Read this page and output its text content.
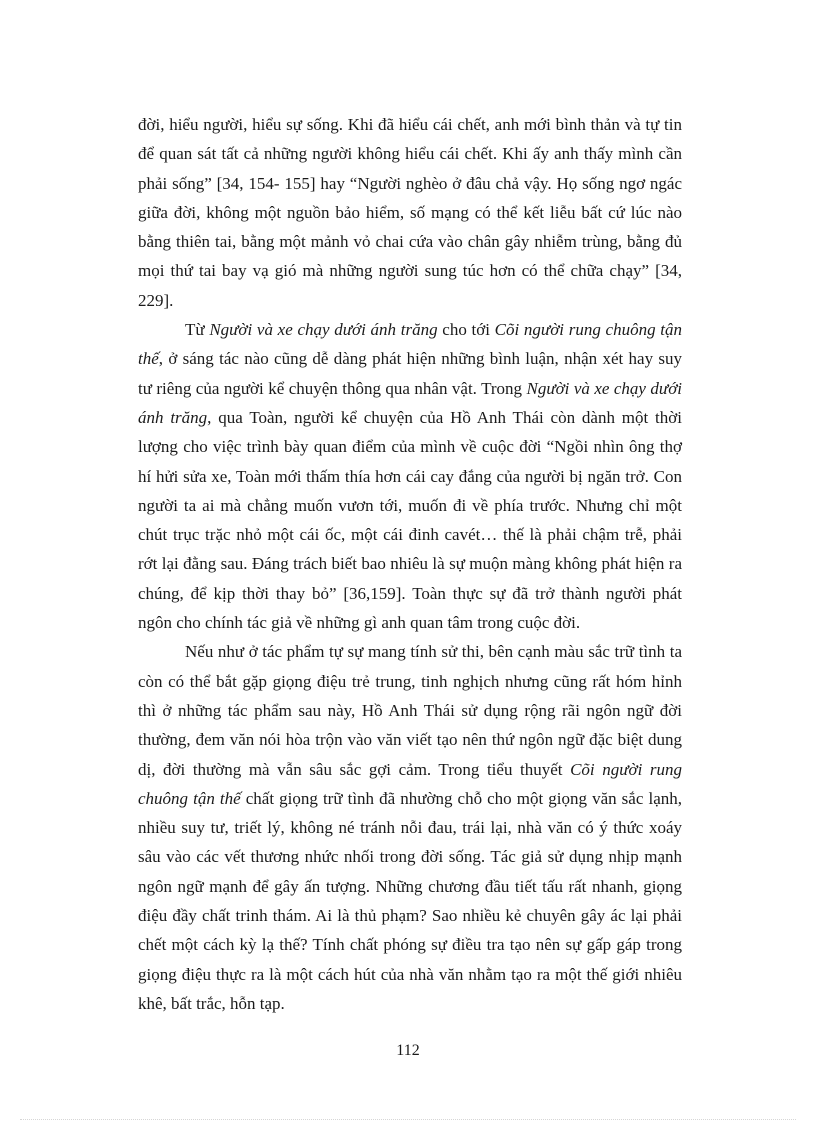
đời, hiểu người, hiểu sự sống. Khi đã hiểu cái chết, anh mới bình thản và tự tin để quan sát tất cả những người không hiểu cái chết. Khi ấy anh thấy mình cần phải sống” [34, 154- 155] hay “Người nghèo ở đâu chả vậy. Họ sống ngơ ngác giữa đời, không một nguồn bảo hiểm, số mạng có thể kết liễu bất cứ lúc nào bằng thiên tai, bằng một mảnh vỏ chai cứa vào chân gây nhiễm trùng, bằng đủ mọi thứ tai bay vạ gió mà những người sung túc hơn có thể chữa chạy” [34, 229].

Từ Người và xe chạy dưới ánh trăng cho tới Cõi người rung chuông tận thế, ở sáng tác nào cũng dễ dàng phát hiện những bình luận, nhận xét hay suy tư riêng của người kể chuyện thông qua nhân vật. Trong Người và xe chạy dưới ánh trăng, qua Toàn, người kể chuyện của Hồ Anh Thái còn dành một thời lượng cho việc trình bày quan điểm của mình về cuộc đời “Ngồi nhìn ông thợ hí hửi sửa xe, Toàn mới thấm thía hơn cái cay đắng của người bị ngăn trở. Con người ta ai mà chẳng muốn vươn tới, muốn đi về phía trước. Nhưng chỉ một chút trục trặc nhỏ một cái ốc, một cái đinh cavét… thế là phải chậm trễ, phải rớt lại đằng sau. Đáng trách biết bao nhiêu là sự muộn màng không phát hiện ra chúng, để kịp thời thay bỏ” [36,159]. Toàn thực sự đã trở thành người phát ngôn cho chính tác giả về những gì anh quan tâm trong cuộc đời.

Nếu như ở tác phẩm tự sự mang tính sử thi, bên cạnh màu sắc trữ tình ta còn có thể bắt gặp giọng điệu trẻ trung, tinh nghịch nhưng cũng rất hóm hỉnh thì ở những tác phẩm sau này, Hồ Anh Thái sử dụng rộng rãi ngôn ngữ đời thường, đem văn nói hòa trộn vào văn viết tạo nên thứ ngôn ngữ đặc biệt dung dị, đời thường mà vẫn sâu sắc gợi cảm. Trong tiểu thuyết Cõi người rung chuông tận thế chất giọng trữ tình đã nhường chỗ cho một giọng văn sắc lạnh, nhiều suy tư, triết lý, không né tránh nỗi đau, trái lại, nhà văn có ý thức xoáy sâu vào các vết thương nhức nhối trong đời sống. Tác giả sử dụng nhịp mạnh ngôn ngữ mạnh để gây ấn tượng. Những chương đầu tiết tấu rất nhanh, giọng điệu đầy chất trinh thám. Ai là thủ phạm? Sao nhiều kẻ chuyên gây ác lại phải chết một cách kỳ lạ thế? Tính chất phóng sự điều tra tạo nên sự gấp gáp trong giọng điệu thực ra là một cách hút của nhà văn nhằm tạo ra một thế giới nhiêu khê, bất trắc, hỗn tạp.

112
